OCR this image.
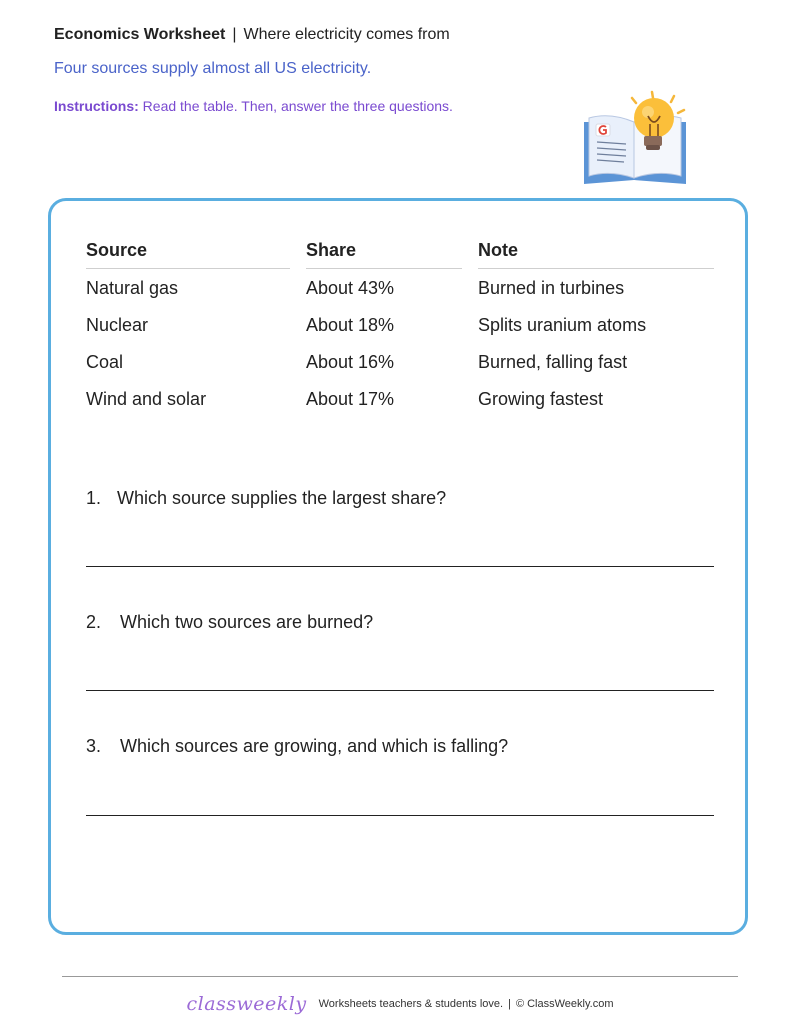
Economics Worksheet | Where electricity comes from
Four sources supply almost all US electricity.
Instructions: Read the table. Then, answer the three questions.
Source	Share	Note
Natural gas	About 43%	Burned in turbines
Nuclear	About 18%	Splits uranium atoms
Coal	About 16%	Burned, falling fast
Wind and solar	About 17%	Growing fastest
1. Which source supplies the largest share?
2. Which two sources are burned?
3. Which sources are growing, and which is falling?
classweekly Worksheets teachers & students love. | © ClassWeekly.com
